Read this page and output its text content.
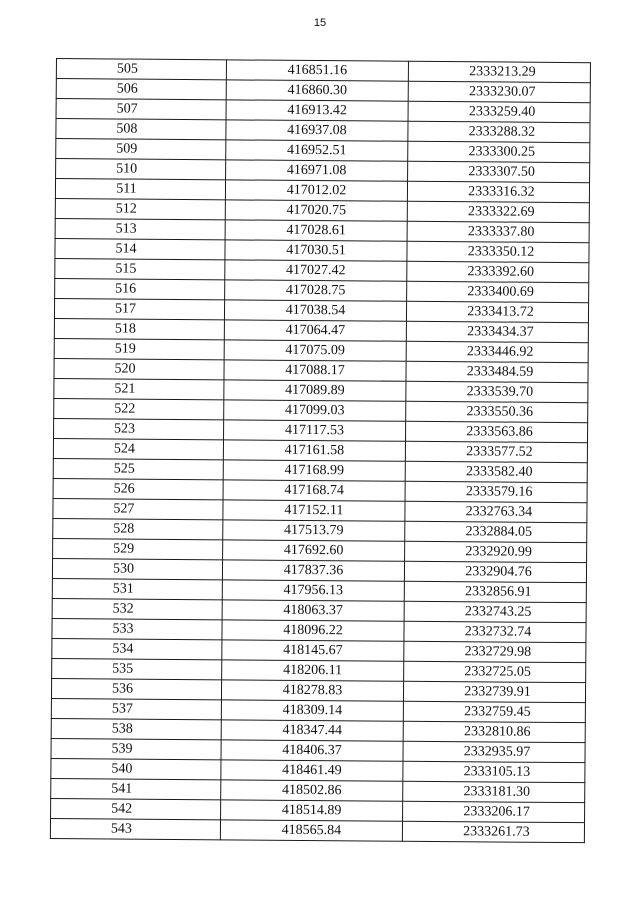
15
505	416851.16	2333213.29
506	416860.30	2333230.07
507	416913.42	2333259.40
508	416937.08	2333288.32
509	416952.51	2333300.25
510	416971.08	2333307.50
511	417012.02	2333316.32
512	417020.75	2333322.69
513	417028.61	2333337.80
514	417030.51	2333350.12
515	417027.42	2333392.60
516	417028.75	2333400.69
517	417038.54	2333413.72
518	417064.47	2333434.37
519	417075.09	2333446.92
520	417088.17	2333484.59
521	417089.89	2333539.70
522	417099.03	2333550.36
523	417117.53	2333563.86
524	417161.58	2333577.52
525	417168.99	2333582.40
526	417168.74	2333579.16
527	417152.11	2332763.34
528	417513.79	2332884.05
529	417692.60	2332920.99
530	417837.36	2332904.76
531	417956.13	2332856.91
532	418063.37	2332743.25
533	418096.22	2332732.74
534	418145.67	2332729.98
535	418206.11	2332725.05
536	418278.83	2332739.91
537	418309.14	2332759.45
538	418347.44	2332810.86
539	418406.37	2332935.97
540	418461.49	2333105.13
541	418502.86	2333181.30
542	418514.89	2333206.17
543	418565.84	2333261.73
